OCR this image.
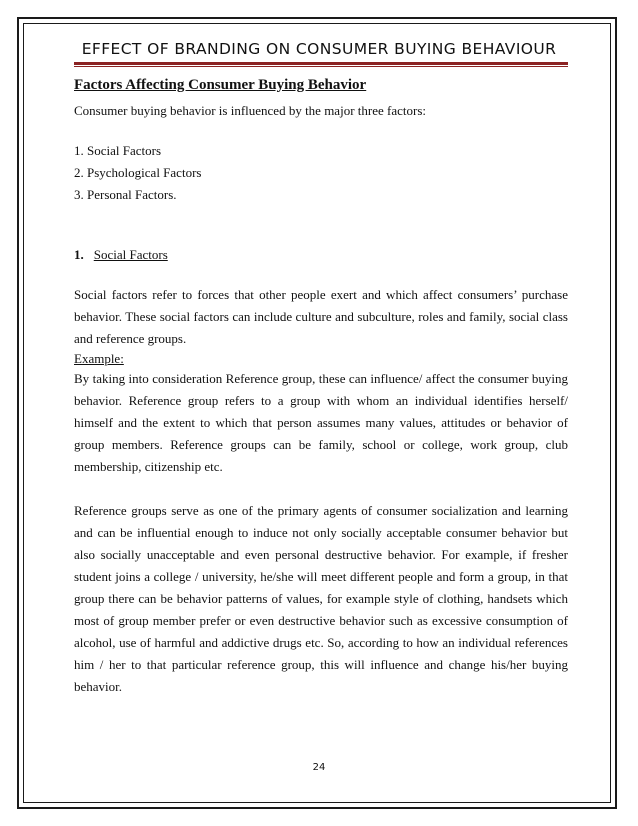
EFFECT OF BRANDING ON CONSUMER BUYING BEHAVIOUR
Factors Affecting Consumer Buying Behavior
Consumer buying behavior is influenced by the major three factors:
1. Social Factors
2. Psychological Factors
3. Personal Factors.
1. Social Factors
Social factors refer to forces that other people exert and which affect consumers’ purchase behavior. These social factors can include culture and subculture, roles and family, social class and reference groups.
Example:
By taking into consideration Reference group, these can influence/ affect the consumer buying behavior. Reference group refers to a group with whom an individual identifies herself/ himself and the extent to which that person assumes many values, attitudes or behavior of group members. Reference groups can be family, school or college, work group, club membership, citizenship etc.
Reference groups serve as one of the primary agents of consumer socialization and learning and can be influential enough to induce not only socially acceptable consumer behavior but also socially unacceptable and even personal destructive behavior. For example, if fresher student joins a college / university, he/she will meet different people and form a group, in that group there can be behavior patterns of values, for example style of clothing, handsets which most of group member prefer or even destructive behavior such as excessive consumption of alcohol, use of harmful and addictive drugs etc. So, according to how an individual references him / her to that particular reference group, this will influence and change his/her buying behavior.
24
